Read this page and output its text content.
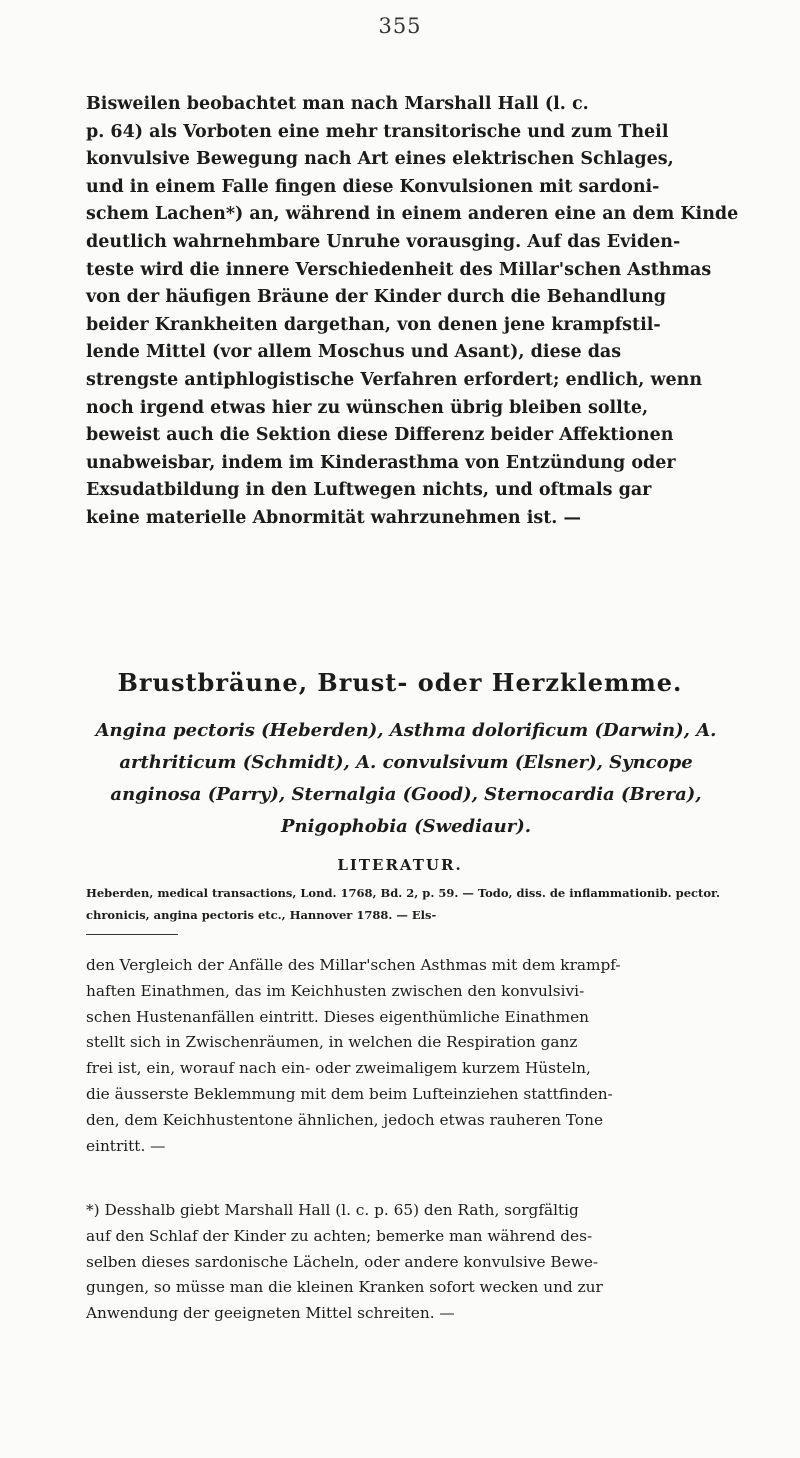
355
Bisweilen beobachtet man nach Marshall Hall (l. c.
p. 64) als Vorboten eine mehr transitorische und zum Theil
konvulsive Bewegung nach Art eines elektrischen Schlages,
und in einem Falle fingen diese Konvulsionen mit sardoni-
schem Lachen*) an, während in einem anderen eine an dem Kinde
deutlich wahrnehmbare Unruhe vorausging. Auf das Eviden-
teste wird die innere Verschiedenheit des Millar'schen Asthmas
von der häufigen Bräune der Kinder durch die Behandlung
beider Krankheiten dargethan, von denen jene krampfstil-
lende Mittel (vor allem Moschus und Asant), diese das
strengste antiphlogistische Verfahren erfordert; endlich, wenn
noch irgend etwas hier zu wünschen übrig bleiben sollte,
beweist auch die Sektion diese Differenz beider Affektionen
unabweisbar, indem im Kinderasthma von Entzündung oder
Exsudatbildung in den Luftwegen nichts, und oftmals gar
keine materielle Abnormität wahrzunehmen ist. —
Brustbräune, Brust- oder Herzklemme.
Angina pectoris (Heberden), Asthma dolorificum (Darwin), A. arthriticum (Schmidt), A. convulsivum (Elsner), Syncope anginosa (Parry), Sternalgia (Good), Sternocardia (Brera), Pnigophobia (Swediaur).
LITERATUR.
Heberden, medical transactions, Lond. 1768, Bd. 2, p. 59. — Todo, diss. de inflammationib. pector. chronicis, angina pectoris etc., Hannover 1788. — Els-
den Vergleich der Anfälle des Millar'schen Asthmas mit dem krampf-
haften Einathmen, das im Keichhusten zwischen den konvulsivi-
schen Hustenanfällen eintritt. Dieses eigenthümliche Einathmen
stellt sich in Zwischenräumen, in welchen die Respiration ganz
frei ist, ein, worauf nach ein- oder zweimaligem kurzem Hüsteln,
die äusserste Beklemmung mit dem beim Lufteinziehen stattfinden-
den, dem Keichhustentone ähnlichen, jedoch etwas rauheren Tone
eintritt. —
*) Desshalb giebt Marshall Hall (l. c. p. 65) den Rath, sorgfältig
auf den Schlaf der Kinder zu achten; bemerke man während des-
selben dieses sardonische Lächeln, oder andere konvulsive Bewe-
gungen, so müsse man die kleinen Kranken sofort wecken und zur
Anwendung der geeigneten Mittel schreiten. —
